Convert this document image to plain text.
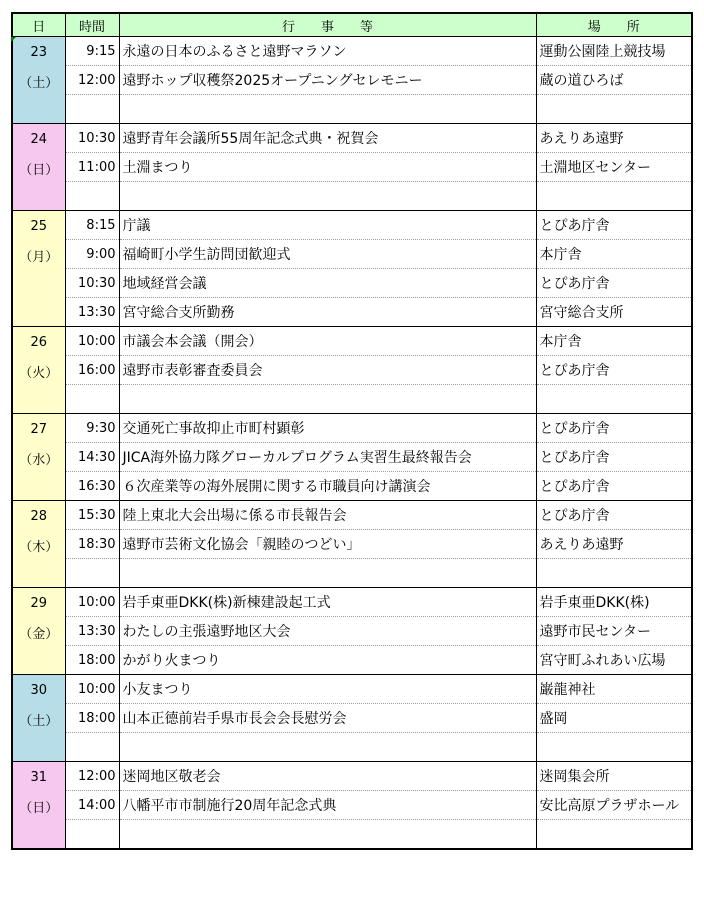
日	時間	行　　事　　等	場　　所

23
（土）	9:15	永遠の日本のふるさと遠野マラソン	運動公園陸上競技場
	12:00	遠野ホップ収穫祭2025オープニングセレモニー	蔵の道ひろば

24
（日）	10:30	遠野青年会議所55周年記念式典・祝賀会	あえりあ遠野
	11:00	土淵まつり	土淵地区センター

25
（月）	8:15	庁議	とぴあ庁舎
	9:00	福崎町小学生訪問団歓迎式	本庁舎
	10:30	地域経営会議	とぴあ庁舎
	13:30	宮守総合支所勤務	宮守総合支所

26
（火）	10:00	市議会本会議（開会）	本庁舎
	16:00	遠野市表彰審査委員会	とぴあ庁舎

27
（水）	9:30	交通死亡事故抑止市町村顕彰	とぴあ庁舎
	14:30	JICA海外協力隊グローカルプログラム実習生最終報告会	とぴあ庁舎
	16:30	６次産業等の海外展開に関する市職員向け講演会	とぴあ庁舎

28
（木）	15:30	陸上東北大会出場に係る市長報告会	とぴあ庁舎
	18:30	遠野市芸術文化協会「親睦のつどい」	あえりあ遠野

29
（金）	10:00	岩手東亜DKK(株)新棟建設起工式	岩手東亜DKK(株)
	13:30	わたしの主張遠野地区大会	遠野市民センター
	18:00	かがり火まつり	宮守町ふれあい広場

30
（土）	10:00	小友まつり	巌龍神社
	18:00	山本正德前岩手県市長会会長慰労会	盛岡

31
（日）	12:00	迷岡地区敬老会	迷岡集会所
	14:00	八幡平市市制施行20周年記念式典	安比高原プラザホール
